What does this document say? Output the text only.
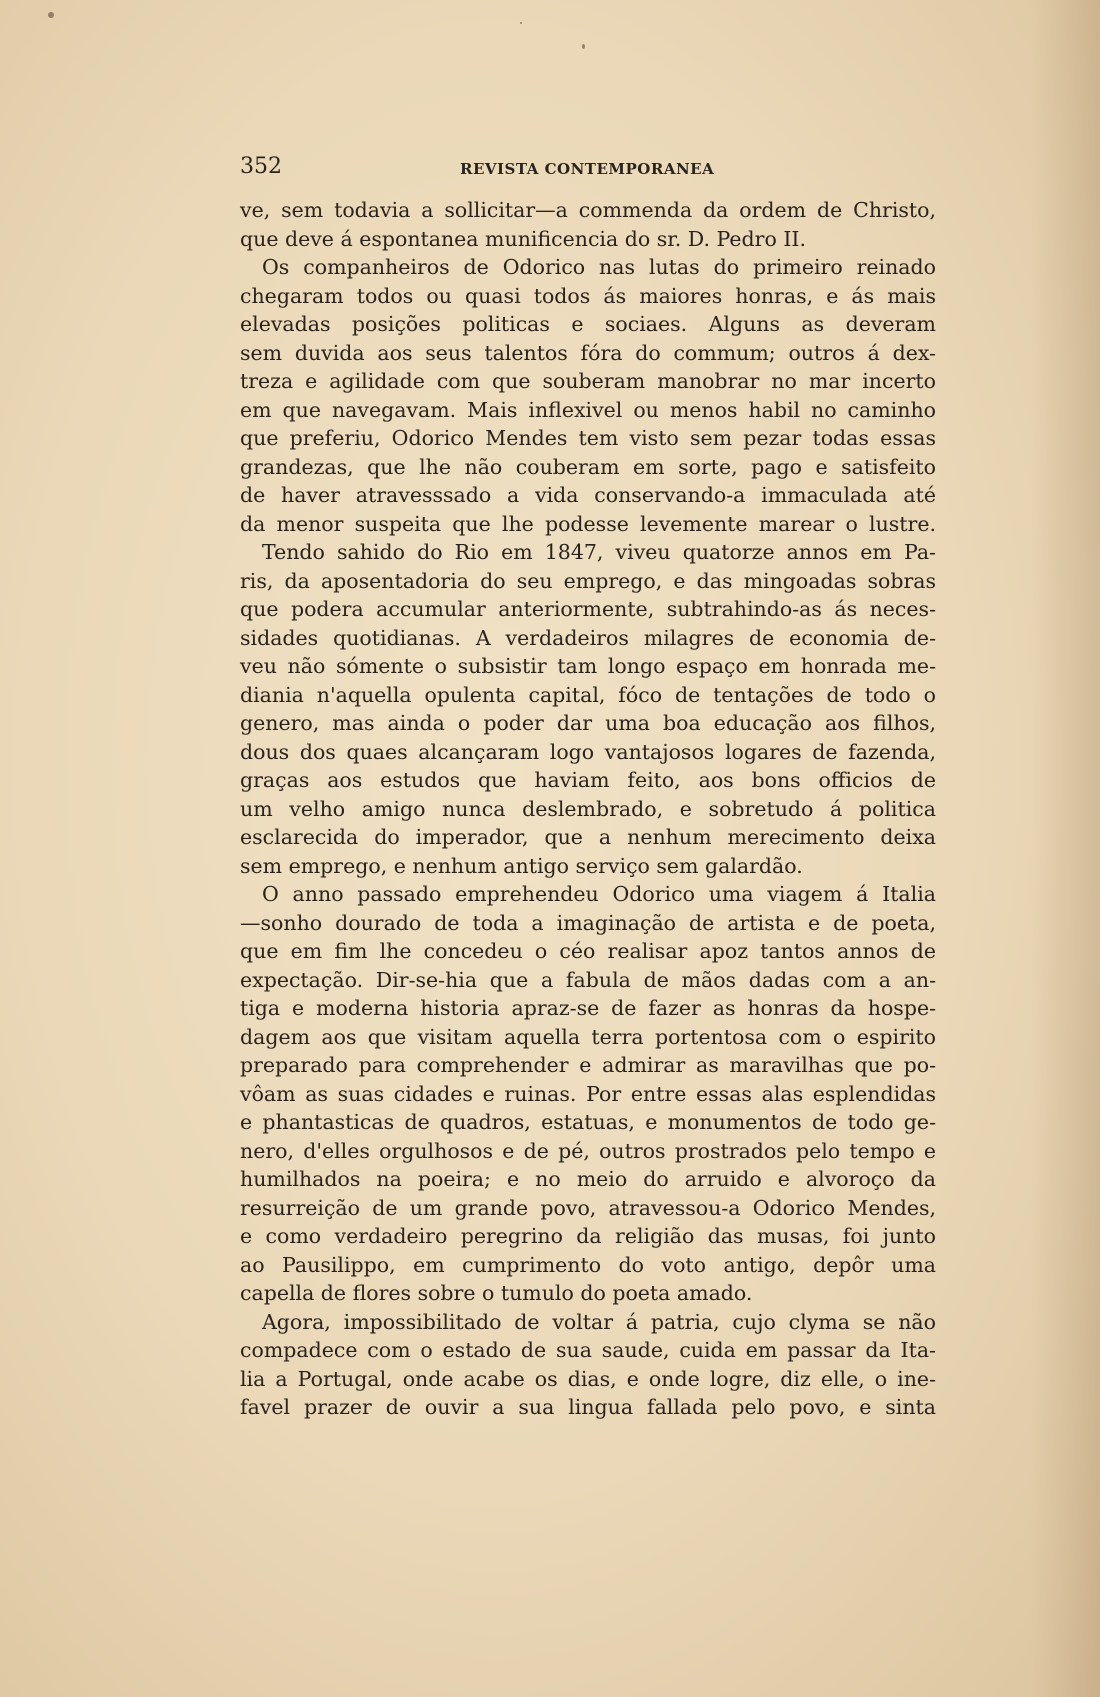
352	REVISTA CONTEMPORANEA
ve, sem todavia a sollicitar—a commenda da ordem de Christo,
que deve á espontanea munificencia do sr. D. Pedro II.
Os companheiros de Odorico nas lutas do primeiro reinado
chegaram todos ou quasi todos ás maiores honras, e ás mais
elevadas posições politicas e sociaes. Alguns as deveram
sem duvida aos seus talentos fóra do commum; outros á dex-
treza e agilidade com que souberam manobrar no mar incerto
em que navegavam. Mais inflexivel ou menos habil no caminho
que preferiu, Odorico Mendes tem visto sem pezar todas essas
grandezas, que lhe não couberam em sorte, pago e satisfeito
de haver atravesssado a vida conservando-a immaculada até
da menor suspeita que lhe podesse levemente marear o lustre.
Tendo sahido do Rio em 1847, viveu quatorze annos em Pa-
ris, da aposentadoria do seu emprego, e das mingoadas sobras
que podera accumular anteriormente, subtrahindo-as ás neces-
sidades quotidianas. A verdadeiros milagres de economia de-
veu não sómente o subsistir tam longo espaço em honrada me-
diania n'aquella opulenta capital, fóco de tentações de todo o
genero, mas ainda o poder dar uma boa educação aos filhos,
dous dos quaes alcançaram logo vantajosos logares de fazenda,
graças aos estudos que haviam feito, aos bons officios de
um velho amigo nunca deslembrado, e sobretudo á politica
esclarecida do imperador, que a nenhum merecimento deixa
sem emprego, e nenhum antigo serviço sem galardão.
O anno passado emprehendeu Odorico uma viagem á Italia
—sonho dourado de toda a imaginação de artista e de poeta,
que em fim lhe concedeu o céo realisar apoz tantos annos de
expectação. Dir-se-hia que a fabula de mãos dadas com a an-
tiga e moderna historia apraz-se de fazer as honras da hospe-
dagem aos que visitam aquella terra portentosa com o espirito
preparado para comprehender e admirar as maravilhas que po-
vôam as suas cidades e ruinas. Por entre essas alas esplendidas
e phantasticas de quadros, estatuas, e monumentos de todo ge-
nero, d'elles orgulhosos e de pé, outros prostrados pelo tempo e
humilhados na poeira; e no meio do arruido e alvoroço da
resurreição de um grande povo, atravessou-a Odorico Mendes,
e como verdadeiro peregrino da religião das musas, foi junto
ao Pausilippo, em cumprimento do voto antigo, depôr uma
capella de flores sobre o tumulo do poeta amado.
Agora, impossibilitado de voltar á patria, cujo clyma se não
compadece com o estado de sua saude, cuida em passar da Ita-
lia a Portugal, onde acabe os dias, e onde logre, diz elle, o ine-
favel prazer de ouvir a sua lingua fallada pelo povo, e sinta
